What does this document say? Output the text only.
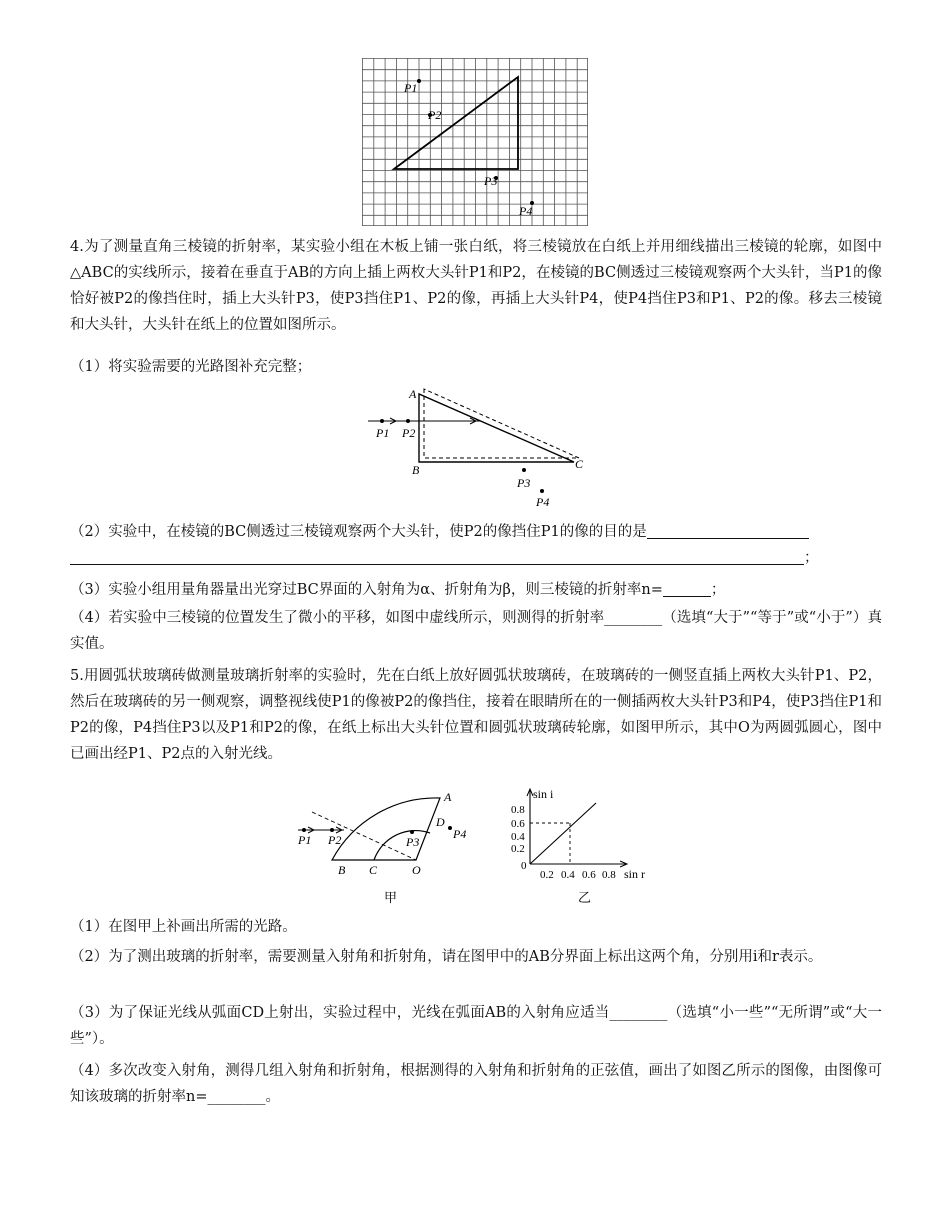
P1
P2
P3
P4

4.为了测量直角三棱镜的折射率，某实验小组在木板上铺一张白纸，将三棱镜放在白纸上并用细线描出三棱镜的轮廓，如图中△ABC的实线所示，接着在垂直于AB的方向上插上两枚大头针P1和P2，在棱镜的BC侧透过三棱镜观察两个大头针，当P1的像恰好被P2的像挡住时，插上大头针P3，使P3挡住P1、P2的像，再插上大头针P4，使P4挡住P3和P1、P2的像。移去三棱镜和大头针，大头针在纸上的位置如图所示。

（1）将实验需要的光路图补充完整；

A
B	C
P1 P2
P3
P4

（2）实验中，在棱镜的BC侧透过三棱镜观察两个大头针，使P2的像挡住P1的像的目的是
；

（3）实验小组用量角器量出光穿过BC界面的入射角为α、折射角为β，则三棱镜的折射率n=	；

（4）若实验中三棱镜的位置发生了微小的平移，如图中虚线所示，则测得的折射率________（选填“大于”“等于”或“小于”）真实值。

5.用圆弧状玻璃砖做测量玻璃折射率的实验时，先在白纸上放好圆弧状玻璃砖，在玻璃砖的一侧竖直插上两枚大头针P1、P2，然后在玻璃砖的另一侧观察，调整视线使P1的像被P2的像挡住，接着在眼睛所在的一侧插两枚大头针P3和P4，使P3挡住P1和P2的像，P4挡住P3以及P1和P2的像，在纸上标出大头针位置和圆弧状玻璃砖轮廓，如图甲所示，其中O为两圆弧圆心，图中已画出经P1、P2点的入射光线。

A
D
B C	O
P1 P2	P3
P4
甲
sin i
0.8
0.6
0.4
0.2
0
0.2 0.4 0.6 0.8 sin r
乙

（1）在图甲上补画出所需的光路。

（2）为了测出玻璃的折射率，需要测量入射角和折射角，请在图甲中的AB分界面上标出这两个角，分别用i和r表示。

（3）为了保证光线从弧面CD上射出，实验过程中，光线在弧面AB的入射角应适当________（选填“小一些”“无所谓”或“大一些”）。

（4）多次改变入射角，测得几组入射角和折射角，根据测得的入射角和折射角的正弦值，画出了如图乙所示的图像，由图像可知该玻璃的折射率n=________。
